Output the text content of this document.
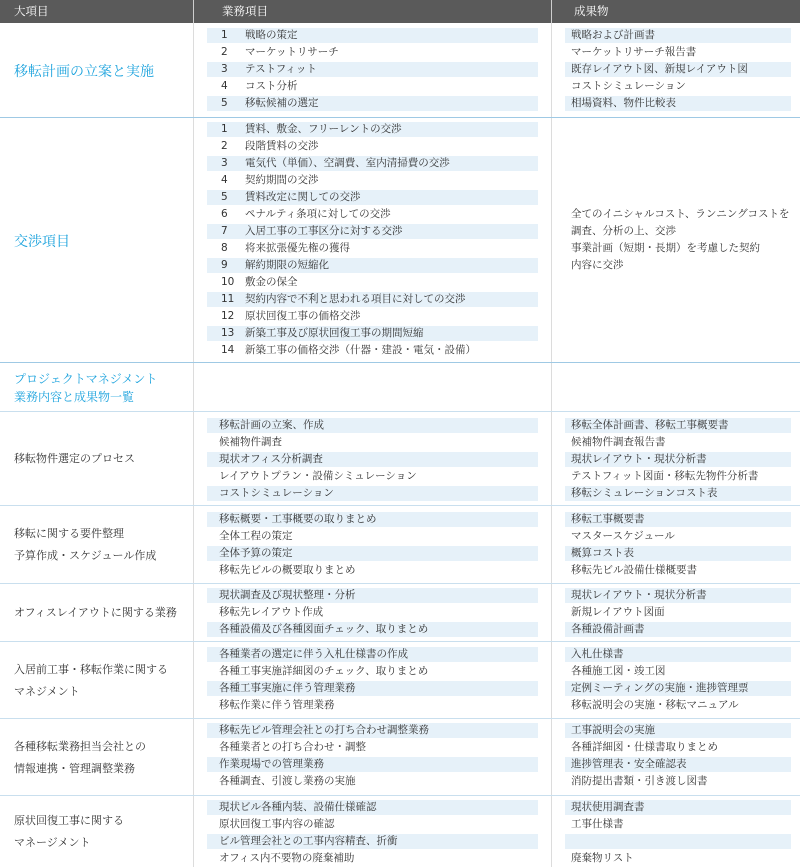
大項目	業務項目	成果物
移転計画の立案と実施
1 戦略の策定
2 マーケットリサーチ
3 テストフィット
4 コスト分析
5 移転候補の選定
戦略および計画書
マーケットリサーチ報告書
既存レイアウト図、新規レイアウト図
コストシミュレーション
相場資料、物件比較表
交渉項目
1 賃料、敷金、フリーレントの交渉
2 段階賃料の交渉
3 電気代（単価）、空調費、室内清掃費の交渉
4 契約期間の交渉
5 賃料改定に関しての交渉
6 ペナルティ条項に対しての交渉
7 入居工事の工事区分に対する交渉
8 将来拡張優先権の獲得
9 解約期限の短縮化
10 敷金の保全
11 契約内容で不利と思われる項目に対しての交渉
12 原状回復工事の価格交渉
13 新築工事及び原状回復工事の期間短縮
14 新築工事の価格交渉（什器・建設・電気・設備）
全てのイニシャルコスト、ランニングコストを
調査、分析の上、交渉
事業計画（短期・長期）を考慮した契約
内容に交渉
プロジェクトマネジメント
業務内容と成果物一覧
移転物件選定のプロセス
移転計画の立案、作成
候補物件調査
現状オフィス分析調査
レイアウトプラン・設備シミュレーション
コストシミュレーション
移転全体計画書、移転工事概要書
候補物件調査報告書
現状レイアウト・現状分析書
テストフィット図面・移転先物件分析書
移転シミュレーションコスト表
移転に関する要件整理
予算作成・スケジュール作成
移転概要・工事概要の取りまとめ
全体工程の策定
全体予算の策定
移転先ビルの概要取りまとめ
移転工事概要書
マスタースケジュール
概算コスト表
移転先ビル設備仕様概要書
オフィスレイアウトに関する業務
現状調査及び現状整理・分析
移転先レイアウト作成
各種設備及び各種図面チェック、取りまとめ
現状レイアウト・現状分析書
新規レイアウト図面
各種設備計画書
入居前工事・移転作業に関する
マネジメント
各種業者の選定に伴う入札仕様書の作成
各種工事実施詳細図のチェック、取りまとめ
各種工事実施に伴う管理業務
移転作業に伴う管理業務
入札仕様書
各種施工図・竣工図
定例ミーティングの実施・進捗管理票
移転説明会の実施・移転マニュアル
各種移転業務担当会社との
情報連携・管理調整業務
移転先ビル管理会社との打ち合わせ調整業務
各種業者との打ち合わせ・調整
作業現場での管理業務
各種調査、引渡し業務の実施
工事説明会の実施
各種詳細図・仕様書取りまとめ
進捗管理表・安全確認表
消防提出書類・引き渡し図書
原状回復工事に関する
マネージメント
現状ビル各種内装、設備仕様確認
原状回復工事内容の確認
ビル管理会社との工事内容精査、折衝
オフィス内不要物の廃棄補助
現状使用調査書
工事仕様書
廃棄物リスト
